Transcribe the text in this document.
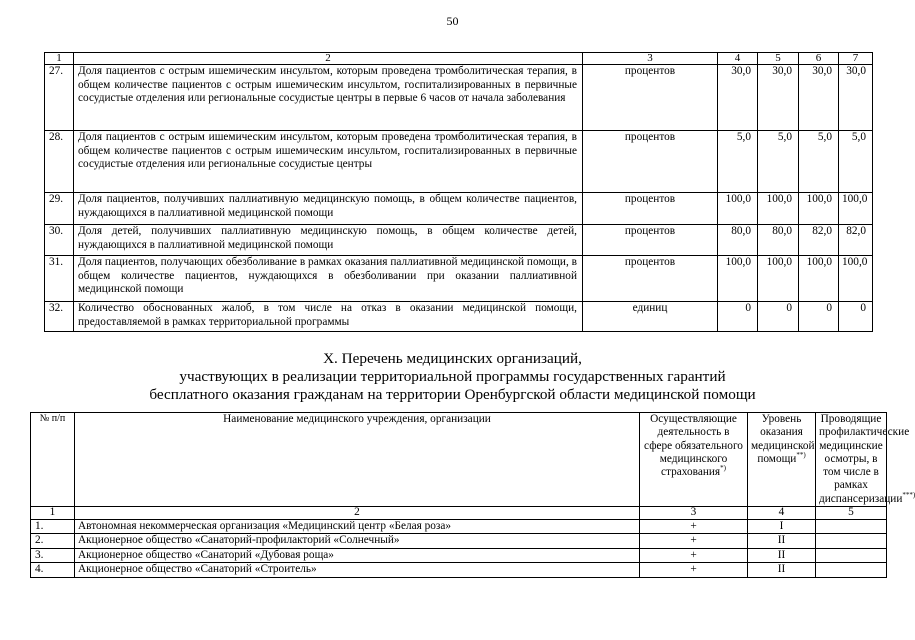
50
1	2	3	4	5	6	7
27.	Доля пациентов с острым ишемическим инсультом, которым проведена тромболитическая терапия, в общем количестве пациентов с острым ишемическим инсультом, госпитализированных в первичные сосудистые отделения или региональные сосудистые центры в первые 6 часов от начала заболевания	процентов	30,0	30,0	30,0	30,0
28.	Доля пациентов с острым ишемическим инсультом, которым проведена тромболитическая терапия, в общем количестве пациентов с острым ишемическим инсультом, госпитализированных в первичные сосудистые отделения или региональные сосудистые центры	процентов	5,0	5,0	5,0	5,0
29.	Доля пациентов, получивших паллиативную медицинскую помощь, в общем количестве пациентов, нуждающихся в паллиативной медицинской помощи	процентов	100,0	100,0	100,0	100,0
30.	Доля детей, получивших паллиативную медицинскую помощь, в общем количестве детей, нуждающихся в паллиативной медицинской помощи	процентов	80,0	80,0	82,0	82,0
31.	Доля пациентов, получающих обезболивание в рамках оказания паллиативной медицинской помощи, в общем количестве пациентов, нуждающихся в обезболивании при оказании паллиативной медицинской помощи	процентов	100,0	100,0	100,0	100,0
32.	Количество обоснованных жалоб, в том числе на отказ в оказании медицинской помощи, предоставляемой в рамках территориальной программы	единиц	0	0	0	0
X. Перечень медицинских организаций,
участвующих в реализации территориальной программы государственных гарантий
бесплатного оказания гражданам на территории Оренбургской области медицинской помощи
№ п/п	Наименование медицинского учреждения, организации	Осуществляющие деятельность в сфере обязательного медицинского страхования*)	Уровень оказания медицинской помощи**)	Проводящие профилактические медицинские осмотры, в том числе в рамках диспансеризации***)
1	2	3	4	5
1.	Автономная некоммерческая организация «Медицинский центр «Белая роза»	+	I	
2.	Акционерное общество «Санаторий-профилакторий «Солнечный»	+	II	
3.	Акционерное общество «Санаторий «Дубовая роща»	+	II	
4.	Акционерное общество «Санаторий «Строитель»	+	II	
